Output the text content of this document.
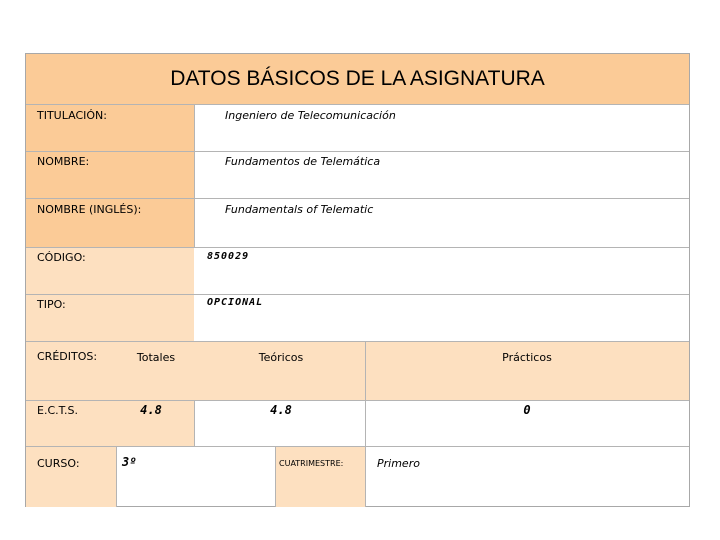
DATOS BÁSICOS DE LA ASIGNATURA
TITULACIÓN:	Ingeniero de Telecomunicación
NOMBRE:	Fundamentos de Telemática
NOMBRE (INGLÉS):	Fundamentals of Telematic
CÓDIGO:	850029
TIPO:	OPCIONAL
CRÉDITOS:	Totales	Teóricos	Prácticos
E.C.T.S.	4.8	4.8	0
CURSO:	3º	CUATRIMESTRE:	Primero
